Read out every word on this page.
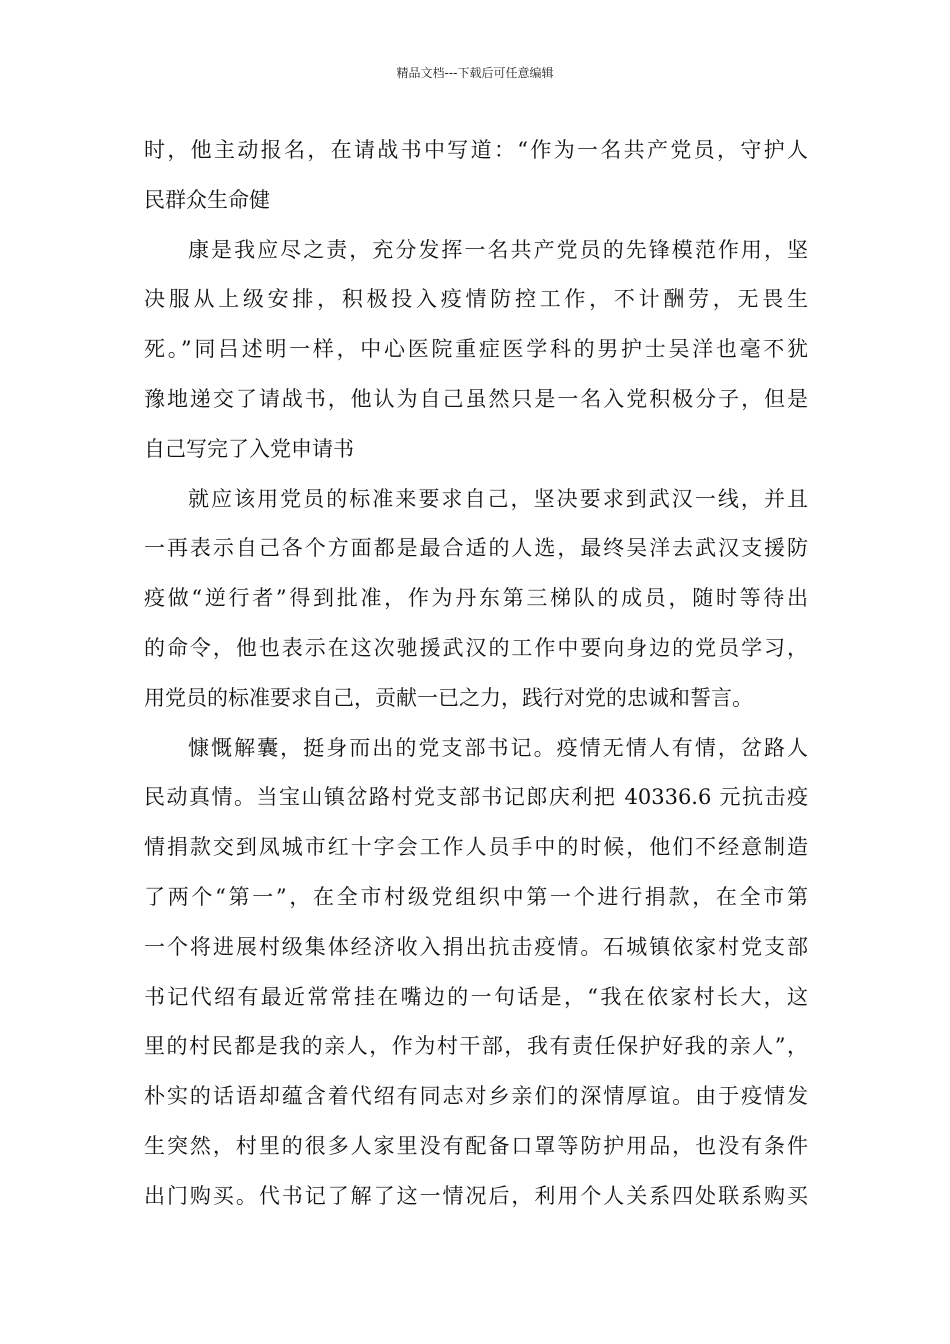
精品文档---下载后可任意编辑
时，他主动报名，在请战书中写道：“作为一名共产党员，守护人
民群众生命健
康是我应尽之责，充分发挥一名共产党员的先锋模范作用，坚
决服从上级安排，积极投入疫情防控工作，不计酬劳，无畏生
死。”同吕述明一样，中心医院重症医学科的男护士吴洋也毫不犹
豫地递交了请战书，他认为自己虽然只是一名入党积极分子，但是
自己写完了入党申请书
就应该用党员的标准来要求自己，坚决要求到武汉一线，并且
一再表示自己各个方面都是最合适的人选，最终吴洋去武汉支援防
疫做“逆行者”得到批准，作为丹东第三梯队的成员，随时等待出
的命令，他也表示在这次驰援武汉的工作中要向身边的党员学习，
用党员的标准要求自己，贡献一已之力，践行对党的忠诚和誓言。
慷慨解囊，挺身而出的党支部书记。疫情无情人有情，岔路人
民动真情。当宝山镇岔路村党支部书记郎庆利把 40336.6 元抗击疫
情捐款交到凤城市红十字会工作人员手中的时候，他们不经意制造
了两个“第一”，在全市村级党组织中第一个进行捐款，在全市第
一个将进展村级集体经济收入捐出抗击疫情。石城镇依家村党支部
书记代绍有最近常常挂在嘴边的一句话是，“我在依家村长大，这
里的村民都是我的亲人，作为村干部，我有责任保护好我的亲人”，
朴实的话语却蕴含着代绍有同志对乡亲们的深情厚谊。由于疫情发
生突然，村里的很多人家里没有配备口罩等防护用品，也没有条件
出门购买。代书记了解了这一情况后，利用个人关系四处联系购买
